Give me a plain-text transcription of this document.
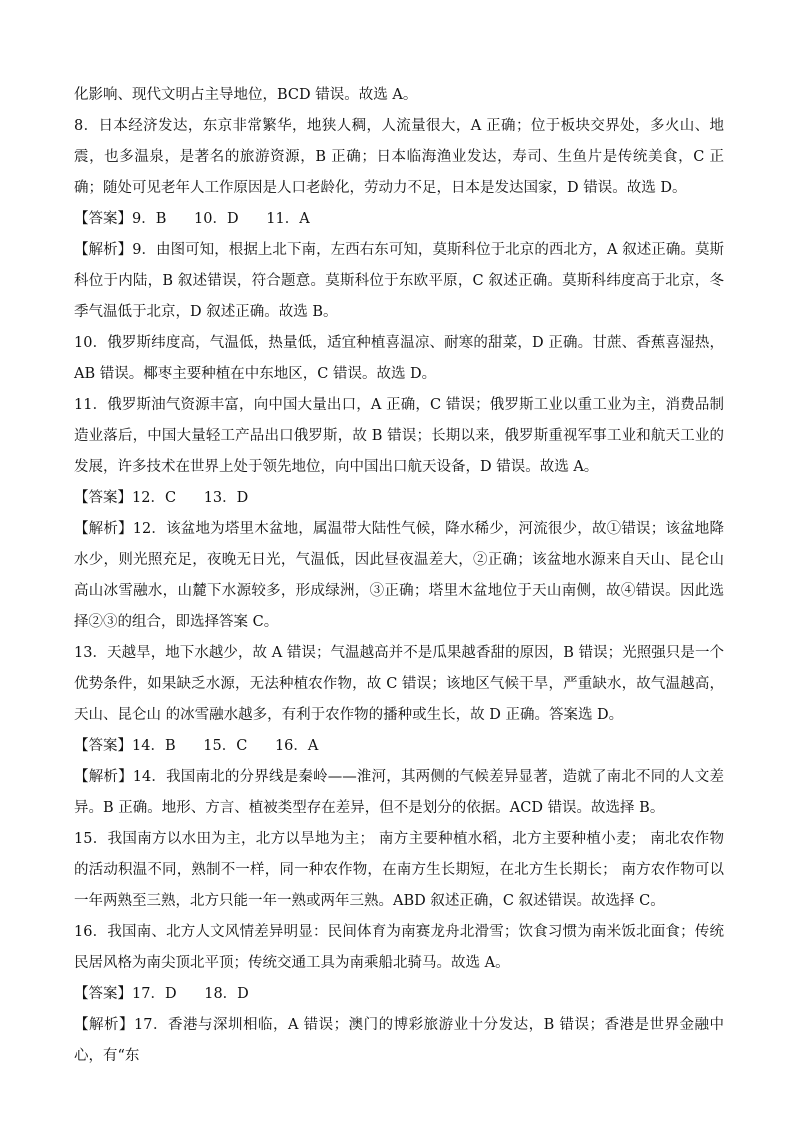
化影响、现代文明占主导地位，BCD 错误。故选 A。

8．日本经济发达，东京非常繁华，地狭人稠，人流量很大，A 正确；位于板块交界处，多火山、地震，也多温泉，是著名的旅游资源，B 正确；日本临海渔业发达，寿司、生鱼片是传统美食，C 正确；随处可见老年人工作原因是人口老龄化，劳动力不足，日本是发达国家，D 错误。故选 D。

【答案】9．B      10．D      11．A

【解析】9．由图可知，根据上北下南，左西右东可知，莫斯科位于北京的西北方，A 叙述正确。莫斯科位于内陆，B 叙述错误，符合题意。莫斯科位于东欧平原，C 叙述正确。莫斯科纬度高于北京，冬季气温低于北京，D 叙述正确。故选 B。

10．俄罗斯纬度高，气温低，热量低，适宜种植喜温凉、耐寒的甜菜，D 正确。甘蔗、香蕉喜湿热，AB 错误。椰枣主要种植在中东地区，C 错误。故选 D。

11．俄罗斯油气资源丰富，向中国大量出口，A 正确，C 错误；俄罗斯工业以重工业为主，消费品制造业落后，中国大量轻工产品出口俄罗斯，故 B 错误；长期以来，俄罗斯重视军事工业和航天工业的发展，许多技术在世界上处于领先地位，向中国出口航天设备，D 错误。故选 A。

【答案】12．C      13．D

【解析】12．该盆地为塔里木盆地，属温带大陆性气候，降水稀少，河流很少，故①错误；该盆地降水少，则光照充足，夜晚无日光，气温低，因此昼夜温差大，②正确；该盆地水源来自天山、昆仑山高山冰雪融水，山麓下水源较多，形成绿洲，③正确；塔里木盆地位于天山南侧，故④错误。因此选择②③的组合，即选择答案 C。

13．天越旱，地下水越少，故 A 错误；气温越高并不是瓜果越香甜的原因，B 错误；光照强只是一个优势条件，如果缺乏水源，无法种植农作物，故 C 错误；该地区气候干旱，严重缺水，故气温越高，天山、昆仑山 的冰雪融水越多，有利于农作物的播种或生长，故 D 正确。答案选 D。

【答案】14．B      15．C      16．A

【解析】14．我国南北的分界线是秦岭——淮河，其两侧的气候差异显著，造就了南北不同的人文差异。B 正确。地形、方言、植被类型存在差异，但不是划分的依据。ACD 错误。故选择 B。

15．我国南方以水田为主，北方以旱地为主； 南方主要种植水稻，北方主要种植小麦； 南北农作物的活动积温不同，熟制不一样，同一种农作物，在南方生长期短，在北方生长期长； 南方农作物可以一年两熟至三熟，北方只能一年一熟或两年三熟。ABD 叙述正确，C 叙述错误。故选择 C。

16．我国南、北方人文风情差异明显：民间体育为南赛龙舟北滑雪；饮食习惯为南米饭北面食；传统民居风格为南尖顶北平顶；传统交通工具为南乘船北骑马。故选 A。

【答案】17．D      18．D

【解析】17．香港与深圳相临，A 错误；澳门的博彩旅游业十分发达，B 错误；香港是世界金融中心，有“东
